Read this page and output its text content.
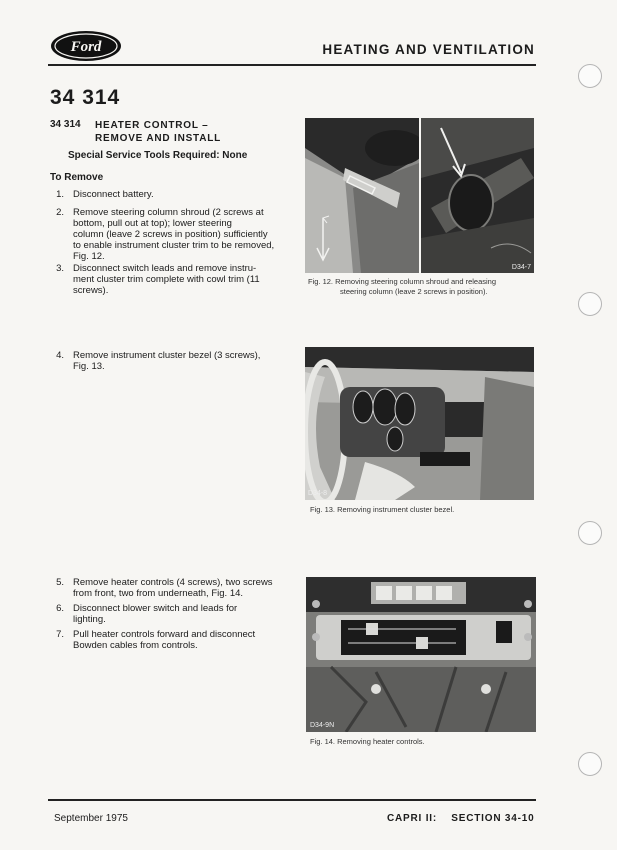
Ford	HEATING AND VENTILATION
34 314
34 314 HEATER CONTROL –
REMOVE AND INSTALL
Special Service Tools Required: None
To Remove
1. Disconnect battery.
2. Remove steering column shroud (2 screws at
bottom, pull out at top); lower steering
column (leave 2 screws in position) sufficiently
to enable instrument cluster trim to be removed,
Fig. 12.
3. Disconnect switch leads and remove instru-
ment cluster trim complete with cowl trim (11
screws).
4. Remove instrument cluster bezel (3 screws),
Fig. 13.
5. Remove heater controls (4 screws), two screws
from front, two from underneath, Fig. 14.
6. Disconnect blower switch and leads for
lighting.
7. Pull heater controls forward and disconnect
Bowden cables from controls.
D34-7
Fig. 12. Removing steering column shroud and releasing
steering column (leave 2 screws in position).
D34-8
Fig. 13. Removing instrument cluster bezel.
D34-9N
Fig. 14. Removing heater controls.
September 1975	CAPRI II:    SECTION 34-10
